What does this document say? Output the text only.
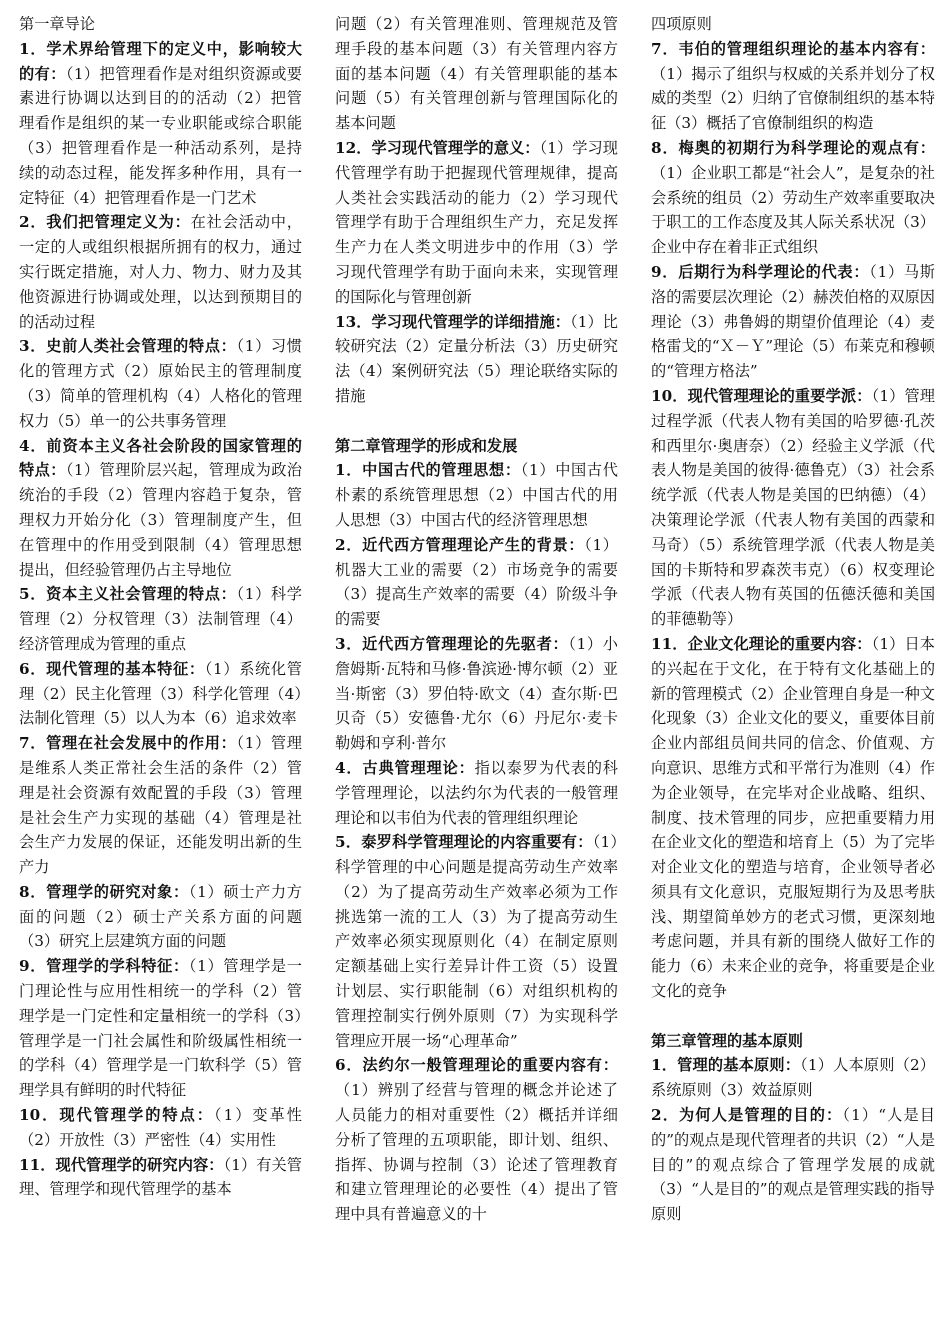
第一章导论

1．学术界给管理下的定义中，影响较大的有：（1）把管理看作是对组织资源或要素进行协调以达到目的的活动（2）把管理看作是组织的某一专业职能或综合职能（3）把管理看作是一种活动系列，是持续的动态过程，能发挥多种作用，具有一定特征（4）把管理看作是一门艺术

2．我们把管理定义为：在社会活动中，一定的人或组织根据所拥有的权力，通过实行既定措施，对人力、物力、财力及其他资源进行协调或处理，以达到预期目的的活动过程

3．史前人类社会管理的特点：（1）习惯化的管理方式（2）原始民主的管理制度（3）简单的管理机构（4）人格化的管理权力（5）单一的公共事务管理

4．前资本主义各社会阶段的国家管理的特点：（1）管理阶层兴起，管理成为政治统治的手段（2）管理内容趋于复杂，管理权力开始分化（3）管理制度产生，但在管理中的作用受到限制（4）管理思想提出，但经验管理仍占主导地位

5．资本主义社会管理的特点：（1）科学管理（2）分权管理（3）法制管理（4）经济管理成为管理的重点

6．现代管理的基本特征：（1）系统化管理（2）民主化管理（3）科学化管理（4）法制化管理（5）以人为本（6）追求效率

7．管理在社会发展中的作用：（1）管理是维系人类正常社会生活的条件（2）管理是社会资源有效配置的手段（3）管理是社会生产力实现的基础（4）管理是社会生产力发展的保证，还能发明出新的生产力

8．管理学的研究对象：（1）硕士产力方面的问题（2）硕士产关系方面的问题（3）研究上层建筑方面的问题

9．管理学的学科特征：（1）管理学是一门理论性与应用性相统一的学科（2）管理学是一门定性和定量相统一的学科（3）管理学是一门社会属性和阶级属性相统一的学科（4）管理学是一门软科学（5）管理学具有鲜明的时代特征

10．现代管理学的特点：（1）变革性（2）开放性（3）严密性（4）实用性

11．现代管理学的研究内容：（1）有关管理、管理学和现代管理学的基本

问题（2）有关管理准则、管理规范及管理手段的基本问题（3）有关管理内容方面的基本问题（4）有关管理职能的基本问题（5）有关管理创新与管理国际化的基本问题

12．学习现代管理学的意义：（1）学习现代管理学有助于把握现代管理规律，提高人类社会实践活动的能力（2）学习现代管理学有助于合理组织生产力，充足发挥生产力在人类文明进步中的作用（3）学习现代管理学有助于面向未来，实现管理的国际化与管理创新

13．学习现代管理学的详细措施：（1）比较研究法（2）定量分析法（3）历史研究法（4）案例研究法（5）理论联络实际的措施

第二章管理学的形成和发展

1．中国古代的管理思想：（1）中国古代朴素的系统管理思想（2）中国古代的用人思想（3）中国古代的经济管理思想

2．近代西方管理理论产生的背景：（1）机器大工业的需要（2）市场竞争的需要（3）提高生产效率的需要（4）阶级斗争的需要

3．近代西方管理理论的先驱者：（1）小詹姆斯·瓦特和马修·鲁滨逊·博尔顿（2）亚当·斯密（3）罗伯特·欧文（4）查尔斯·巴贝奇（5）安德鲁·尤尔（6）丹尼尔·麦卡勒姆和亨利·普尔

4．古典管理理论：指以泰罗为代表的科学管理理论，以法约尔为代表的一般管理理论和以韦伯为代表的管理组织理论

5．泰罗科学管理理论的内容重要有：（1）科学管理的中心问题是提高劳动生产效率（2）为了提高劳动生产效率必须为工作挑选第一流的工人（3）为了提高劳动生产效率必须实现原则化（4）在制定原则定额基础上实行差异计件工资（5）设置计划层、实行职能制（6）对组织机构的管理控制实行例外原则（7）为实现科学管理应开展一场“心理革命”

6．法约尔一般管理理论的重要内容有：（1）辨别了经营与管理的概念并论述了人员能力的相对重要性（2）概括并详细分析了管理的五项职能，即计划、组织、指挥、协调与控制（3）论述了管理教育和建立管理理论的必要性（4）提出了管理中具有普遍意义的十

四项原则

7．韦伯的管理组织理论的基本内容有：（1）揭示了组织与权威的关系并划分了权威的类型（2）归纳了官僚制组织的基本特征（3）概括了官僚制组织的构造

8．梅奥的初期行为科学理论的观点有：（1）企业职工都是“社会人”，是复杂的社会系统的组员（2）劳动生产效率重要取决于职工的工作态度及其人际关系状况（3）企业中存在着非正式组织

9．后期行为科学理论的代表：（1）马斯洛的需要层次理论（2）赫茨伯格的双原因理论（3）弗鲁姆的期望价值理论（4）麦格雷戈的“Ｘ－Ｙ”理论（5）布莱克和穆顿的“管理方格法”

10．现代管理理论的重要学派：（1）管理过程学派（代表人物有美国的哈罗德·孔茨和西里尔·奥唐奈）（2）经验主义学派（代表人物是美国的彼得·德鲁克）（3）社会系统学派（代表人物是美国的巴纳德）（4）决策理论学派（代表人物有美国的西蒙和马奇）（5）系统管理学派（代表人物是美国的卡斯特和罗森茨韦克）（6）权变理论学派（代表人物有英国的伍德沃德和美国的菲德勒等）

11．企业文化理论的重要内容：（1）日本的兴起在于文化，在于特有文化基础上的新的管理模式（2）企业管理自身是一种文化现象（3）企业文化的要义，重要体目前企业内部组员间共同的信念、价值观、方向意识、思维方式和平常行为准则（4）作为企业领导，在完毕对企业战略、组织、制度、技术管理的同步，应把重要精力用在企业文化的塑造和培育上（5）为了完毕对企业文化的塑造与培育，企业领导者必须具有文化意识，克服短期行为及思考肤浅、期望简单妙方的老式习惯，更深刻地考虑问题，并具有新的围绕人做好工作的能力（6）未来企业的竞争，将重要是企业文化的竞争

第三章管理的基本原则

1．管理的基本原则：（1）人本原则（2）系统原则（3）效益原则

2．为何人是管理的目的：（1）“人是目的”的观点是现代管理者的共识（2）“人是目的”的观点综合了管理学发展的成就（3）“人是目的”的观点是管理实践的指导原则
